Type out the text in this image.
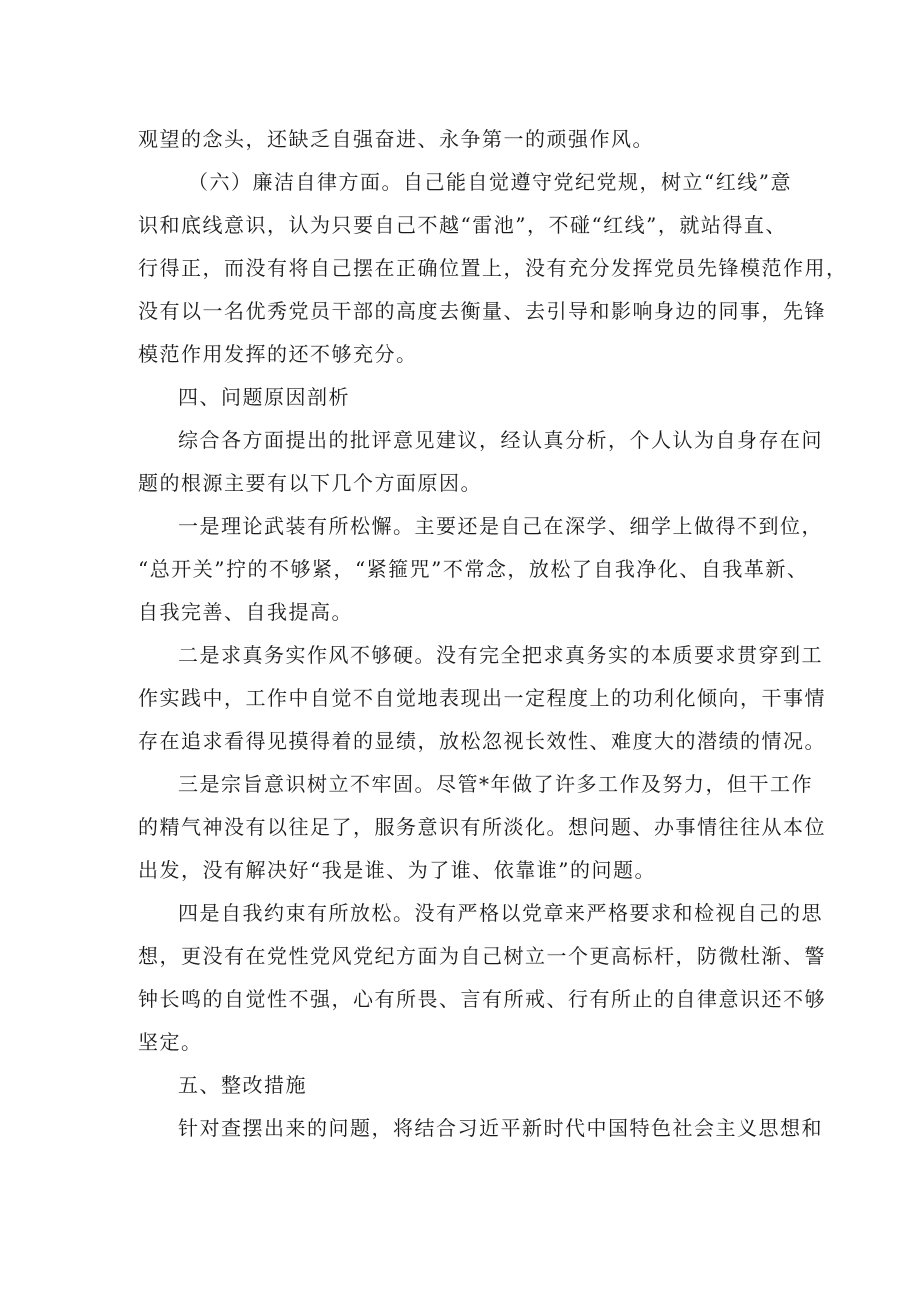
观望的念头，还缺乏自强奋进、永争第一的顽强作风。

（六）廉洁自律方面。自己能自觉遵守党纪党规，树立“红线”意

识和底线意识，认为只要自己不越“雷池”，不碰“红线”，就站得直、

行得正，而没有将自己摆在正确位置上，没有充分发挥党员先锋模范作用，

没有以一名优秀党员干部的高度去衡量、去引导和影响身边的同事，先锋

模范作用发挥的还不够充分。

四、问题原因剖析

综合各方面提出的批评意见建议，经认真分析，个人认为自身存在问

题的根源主要有以下几个方面原因。

一是理论武装有所松懈。主要还是自己在深学、细学上做得不到位，

“总开关”拧的不够紧，“紧箍咒”不常念，放松了自我净化、自我革新、

自我完善、自我提高。

二是求真务实作风不够硬。没有完全把求真务实的本质要求贯穿到工

作实践中，工作中自觉不自觉地表现出一定程度上的功利化倾向，干事情

存在追求看得见摸得着的显绩，放松忽视长效性、难度大的潜绩的情况。

三是宗旨意识树立不牢固。尽管*年做了许多工作及努力，但干工作

的精气神没有以往足了，服务意识有所淡化。想问题、办事情往往从本位

出发，没有解决好“我是谁、为了谁、依靠谁”的问题。

四是自我约束有所放松。没有严格以党章来严格要求和检视自己的思

想，更没有在党性党风党纪方面为自己树立一个更高标杆，防微杜渐、警

钟长鸣的自觉性不强，心有所畏、言有所戒、行有所止的自律意识还不够

坚定。

五、整改措施

针对查摆出来的问题，将结合习近平新时代中国特色社会主义思想和
